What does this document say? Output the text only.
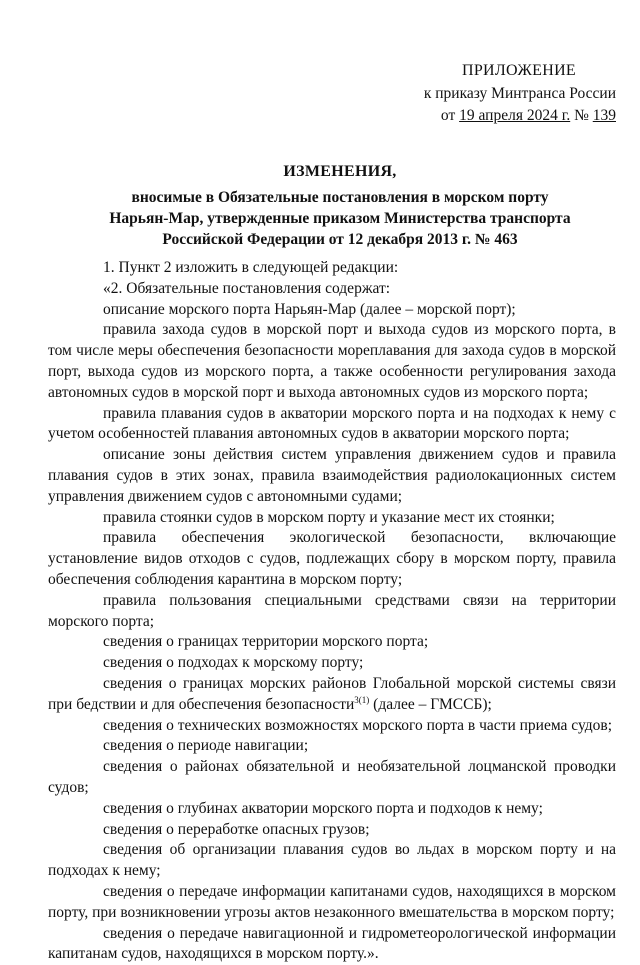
ПРИЛОЖЕНИЕ
к приказу Минтранса России
от 19 апреля 2024 г. № 139
ИЗМЕНЕНИЯ,
вносимые в Обязательные постановления в морском порту
Нарьян-Мар, утвержденные приказом Министерства транспорта
Российской Федерации от 12 декабря 2013 г. № 463

1. Пункт 2 изложить в следующей редакции:

«2. Обязательные постановления содержат:

описание морского порта Нарьян-Мар (далее – морской порт);

правила захода судов в морской порт и выхода судов из морского порта, в том числе меры обеспечения безопасности мореплавания для захода судов в морской порт, выхода судов из морского порта, а также особенности регулирования захода автономных судов в морской порт и выхода автономных судов из морского порта;

правила плавания судов в акватории морского порта и на подходах к нему с учетом особенностей плавания автономных судов в акватории морского порта;

описание зоны действия систем управления движением судов и правила плавания судов в этих зонах, правила взаимодействия радиолокационных систем управления движением судов с автономными судами;

правила стоянки судов в морском порту и указание мест их стоянки;

правила обеспечения экологической безопасности, включающие установление видов отходов с судов, подлежащих сбору в морском порту, правила обеспечения соблюдения карантина в морском порту;

правила пользования специальными средствами связи на территории морского порта;

сведения о границах территории морского порта;

сведения о подходах к морскому порту;

сведения о границах морских районов Глобальной морской системы связи при бедствии и для обеспечения безопасности$^{3(1)}$ (далее – ГМССБ);

сведения о технических возможностях морского порта в части приема судов;

сведения о периоде навигации;

сведения о районах обязательной и необязательной лоцманской проводки судов;

сведения о глубинах акватории морского порта и подходов к нему;

сведения о переработке опасных грузов;

сведения об организации плавания судов во льдах в морском порту и на подходах к нему;

сведения о передаче информации капитанами судов, находящихся в морском порту, при возникновении угрозы актов незаконного вмешательства в морском порту;

сведения о передаче навигационной и гидрометеорологической информации капитанам судов, находящихся в морском порту.».
